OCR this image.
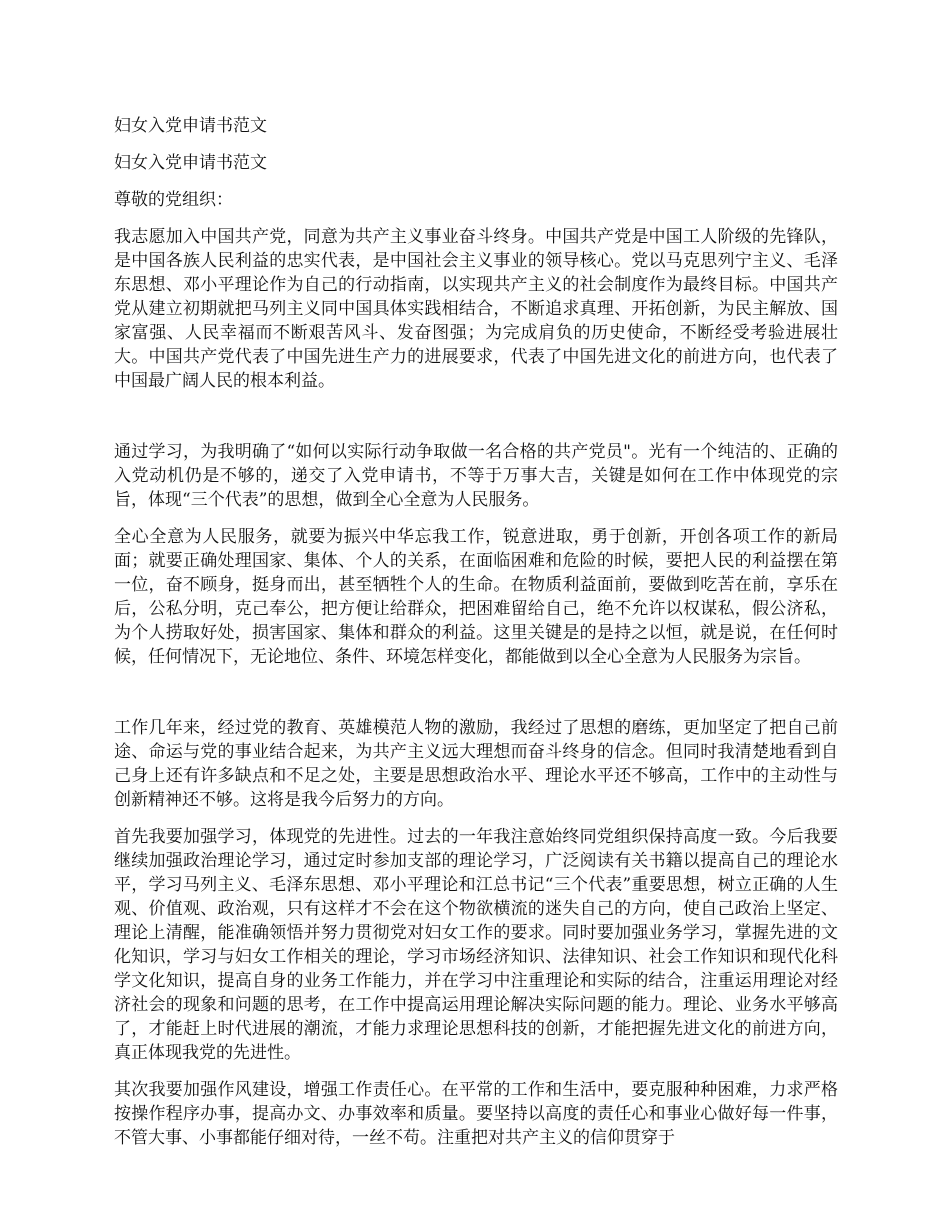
妇女入党申请书范文
妇女入党申请书范文
尊敬的党组织：

我志愿加入中国共产党，同意为共产主义事业奋斗终身。中国共产党是中国工人阶级的先锋队，是中国各族人民利益的忠实代表，是中国社会主义事业的领导核心。党以马克思列宁主义、毛泽东思想、邓小平理论作为自己的行动指南，以实现共产主义的社会制度作为最终目标。中国共产党从建立初期就把马列主义同中国具体实践相结合，不断追求真理、开拓创新，为民主解放、国家富强、人民幸福而不断艰苦风斗、发奋图强；为完成肩负的历史使命，不断经受考验进展壮大。中国共产党代表了中国先进生产力的进展要求，代表了中国先进文化的前进方向，也代表了中国最广阔人民的根本利益。

通过学习，为我明确了“如何以实际行动争取做一名合格的共产党员"。光有一个纯洁的、正确的入党动机仍是不够的，递交了入党申请书，不等于万事大吉，关键是如何在工作中体现党的宗旨，体现“三个代表”的思想，做到全心全意为人民服务。

全心全意为人民服务，就要为振兴中华忘我工作，锐意进取，勇于创新，开创各项工作的新局面；就要正确处理国家、集体、个人的关系，在面临困难和危险的时候，要把人民的利益摆在第一位，奋不顾身，挺身而出，甚至牺牲个人的生命。在物质利益面前，要做到吃苦在前，享乐在后，公私分明，克己奉公，把方便让给群众，把困难留给自己，绝不允许以权谋私，假公济私，为个人捞取好处，损害国家、集体和群众的利益。这里关键是的是持之以恒，就是说，在任何时候，任何情况下，无论地位、条件、环境怎样变化，都能做到以全心全意为人民服务为宗旨。

工作几年来，经过党的教育、英雄模范人物的激励，我经过了思想的磨练，更加坚定了把自己前途、命运与党的事业结合起来，为共产主义远大理想而奋斗终身的信念。但同时我清楚地看到自己身上还有许多缺点和不足之处，主要是思想政治水平、理论水平还不够高，工作中的主动性与创新精神还不够。这将是我今后努力的方向。

首先我要加强学习，体现党的先进性。过去的一年我注意始终同党组织保持高度一致。今后我要继续加强政治理论学习，通过定时参加支部的理论学习，广泛阅读有关书籍以提高自己的理论水平，学习马列主义、毛泽东思想、邓小平理论和江总书记“三个代表”重要思想，树立正确的人生观、价值观、政治观，只有这样才不会在这个物欲横流的迷失自己的方向，使自己政治上坚定、理论上清醒，能准确领悟并努力贯彻党对妇女工作的要求。同时要加强业务学习，掌握先进的文化知识，学习与妇女工作相关的理论，学习市场经济知识、法律知识、社会工作知识和现代化科学文化知识，提高自身的业务工作能力，并在学习中注重理论和实际的结合，注重运用理论对经济社会的现象和问题的思考，在工作中提高运用理论解决实际问题的能力。理论、业务水平够高了，才能赶上时代进展的潮流，才能力求理论思想科技的创新，才能把握先进文化的前进方向，真正体现我党的先进性。

其次我要加强作风建设，增强工作责任心。在平常的工作和生活中，要克服种种困难，力求严格按操作程序办事，提高办文、办事效率和质量。要坚持以高度的责任心和事业心做好每一件事，不管大事、小事都能仔细对待，一丝不苟。注重把对共产主义的信仰贯穿于
